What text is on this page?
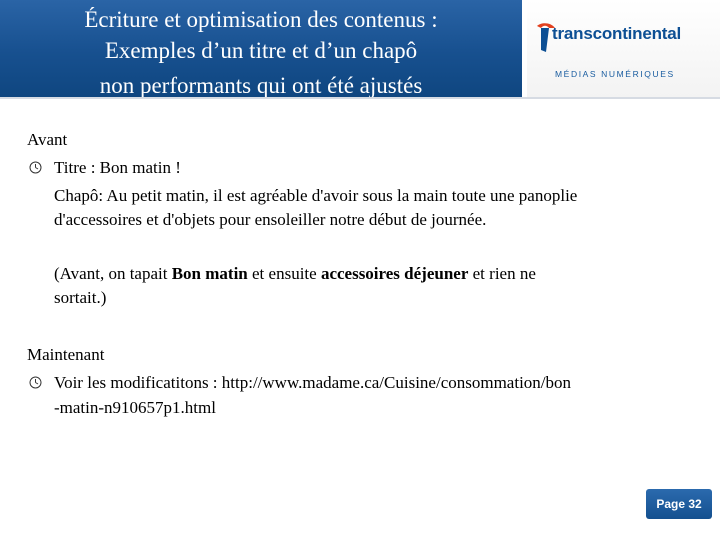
Écriture et optimisation des contenus :
Exemples d’un titre et d’un chapô
non performants qui ont été ajustés
transcontinental
MÉDIAS NUMÉRIQUES
Avant
Titre : Bon matin !
Chapô: Au petit matin, il est agréable d'avoir sous la main toute une panoplie
d'accessoires et d'objets pour ensoleiller notre début de journée.
(Avant, on tapait Bon matin et ensuite accessoires déjeuner et rien ne
sortait.)
Maintenant
Voir les modificatitons : http://www.madame.ca/Cuisine/consommation/bon
-matin-n910657p1.html
Page 32
